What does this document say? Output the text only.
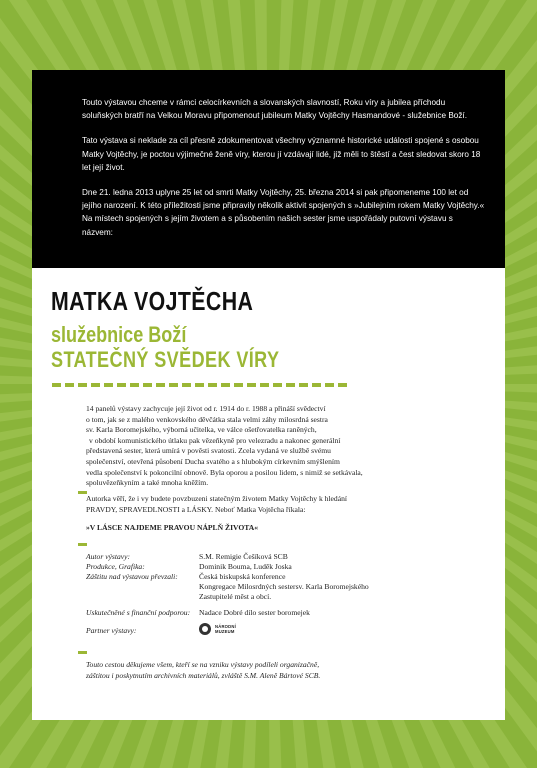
Touto výstavou chceme v rámci celocírkevních a slovanských slavností, Roku víry a jubilea příchodu soluňských bratří na Velkou Moravu připomenout jubileum Matky Vojtěchy Hasmandové - služebnice Boží.

Tato výstava si neklade za cíl přesně zdokumentovat všechny významné historické události spojené s osobou Matky Vojtěchy, je poctou výjimečné ženě víry, kterou jí vzdávají lidé, jíž měli to štěstí a čest sledovat skoro 18 let její život.

Dne 21. ledna 2013 uplyne 25 let od smrti Matky Vojtěchy, 25. března 2014 si pak připomeneme 100 let od jejího narození. K této příležitosti jsme připravily několik aktivit spojených s »Jubilejním rokem Matky Vojtěchy.« Na místech spojených s jejím životem a s působením našich sester jsme uspořádaly putovní výstavu s názvem:

MATKA VOJTĚCHA
služebnice Boží
STATEČNÝ SVĚDEK VÍRY

14 panelů výstavy zachycuje její život od r. 1914 do r. 1988 a přináší svědectví

o tom, jak se z malého venkovského děvčátka stala velmi záhy milosrdná sestra

sv. Karla Boromejského, výborná učitelka, ve válce ošetřovatelka raněných,

v období komunistického útlaku pak vězeňkyně pro velezradu a nakonec generální

představená sester, která umírá v pověsti svatosti. Zcela vydaná ve službě svému

společenství, otevřená působení Ducha svatého a s hlubokým církevním smýšlením

vedla společenství k pokoncilní obnově. Byla oporou a posilou lidem, s nimiž se setkávala,

spoluvězeňkyním a také mnoha kněžím.

Autorka věří, že i vy budete povzbuzeni statečným životem Matky Vojtěchy k hledání
PRAVDY, SPRAVEDLNOSTI a LÁSKY. Neboť Matka Vojtěcha říkala:
»V LÁSCE NAJDEME PRAVOU NÁPLŇ ŽIVOTA«
Autor výstavy:	S.M. Remigie Češíková SCB
Produkce, Grafika:	Dominik Bouma, Luděk Joska
Záštitu nad výstavou převzali:	Česká biskupská konference
Kongregace Milosrdných sestersv. Karla Boromejského
Zastupitelé měst a obcí.
Uskutečněné s finanční podporou: Nadace Dobré dílo sester boromejek
Partner výstavy:	NÁRODNÍ
MUZEUM
Touto cestou děkujeme všem, kteří se na vzniku výstavy podíleli organizačně,
záštitou i poskytnutím archivních materiálů, zvláště S.M. Aleně Bártové SCB.
